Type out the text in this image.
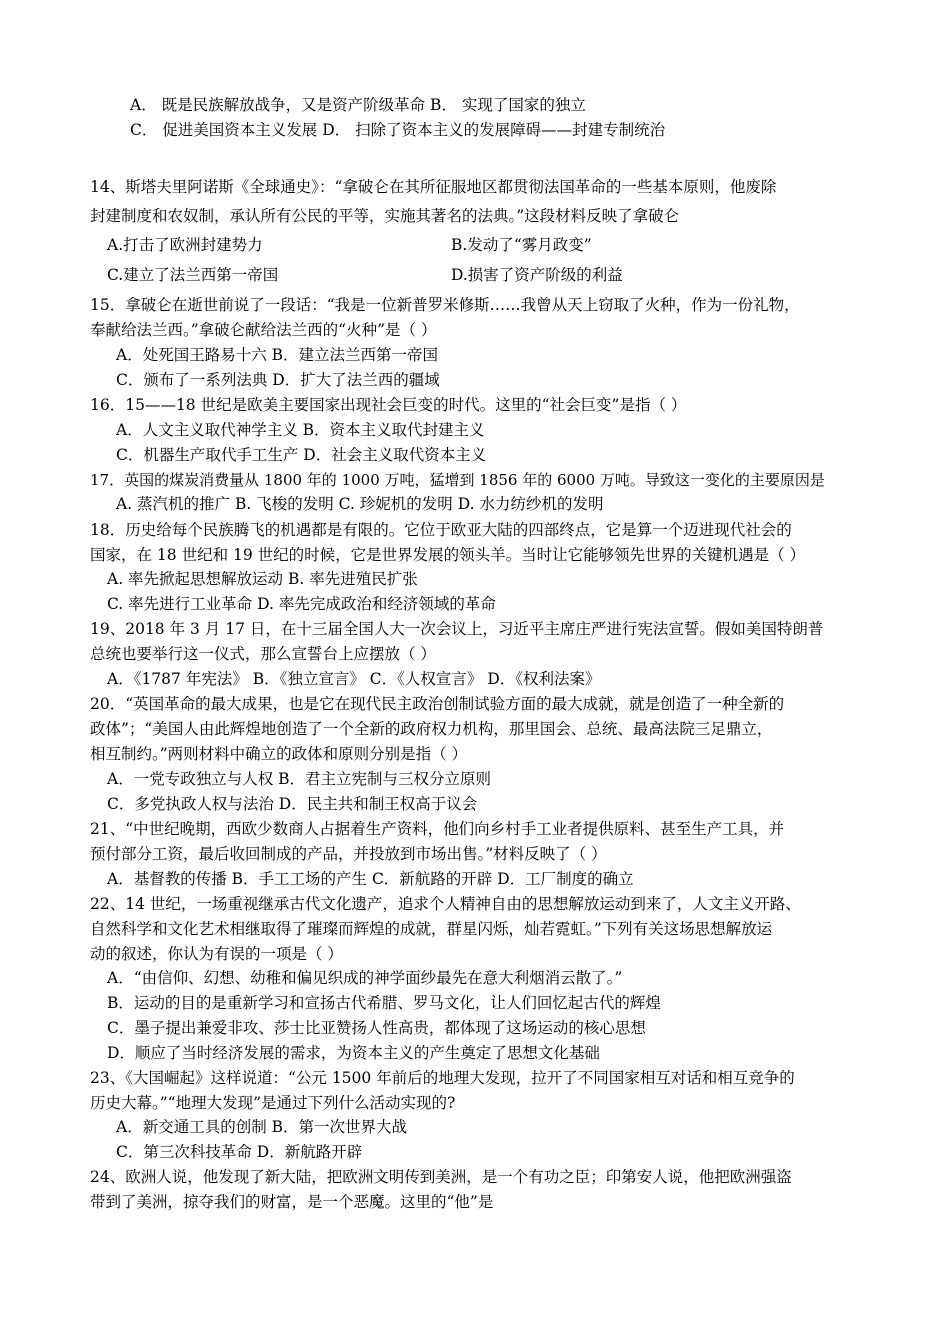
A． 既是民族解放战争，又是资产阶级革命 B． 实现了国家的独立
C． 促进美国资本主义发展 D． 扫除了资本主义的发展障碍——封建专制统治
14、斯塔夫里阿诺斯《全球通史》：“拿破仑在其所征服地区都贯彻法国革命的一些基本原则，他废除
封建制度和农奴制，承认所有公民的平等，实施其著名的法典。”这段材料反映了拿破仑
A.打击了欧洲封建势力	B.发动了“雾月政变”
C.建立了法兰西第一帝国	D.损害了资产阶级的利益
15．拿破仑在逝世前说了一段话：“我是一位新普罗米修斯……我曾从天上窃取了火种，作为一份礼物，
奉献给法兰西。”拿破仑献给法兰西的“火种”是（ ）
A．处死国王路易十六 B．建立法兰西第一帝国
C．颁布了一系列法典 D．扩大了法兰西的疆域
16．15——18 世纪是欧美主要国家出现社会巨变的时代。这里的“社会巨变”是指（ ）
A．人文主义取代神学主义 B．资本主义取代封建主义
C．机器生产取代手工生产 D．社会主义取代资本主义
17．英国的煤炭消费量从 1800 年的 1000 万吨，猛增到 1856 年的 6000 万吨。导致这一变化的主要原因是
A. 蒸汽机的推广 B. 飞梭的发明 C. 珍妮机的发明 D. 水力纺纱机的发明
18．历史给每个民族腾飞的机遇都是有限的。它位于欧亚大陆的四部终点，它是算一个迈进现代社会的
国家，在 18 世纪和 19 世纪的时候，它是世界发展的领头羊。当时让它能够领先世界的关键机遇是（ ）
A. 率先掀起思想解放运动 B. 率先进殖民扩张
C. 率先进行工业革命 D. 率先完成政治和经济领域的革命
19、2018 年 3 月 17 日，在十三届全国人大一次会议上，习近平主席庄严进行宪法宣誓。假如美国特朗普
总统也要举行这一仪式，那么宣誓台上应摆放（ ）
A．《1787 年宪法》 B．《独立宣言》 C．《人权宣言》 D．《权利法案》
20．“英国革命的最大成果，也是它在现代民主政治创制试验方面的最大成就，就是创造了一种全新的
政体”；“美国人由此辉煌地创造了一个全新的政府权力机构，那里国会、总统、最高法院三足鼎立，
相互制约。”两则材料中确立的政体和原则分别是指（ ）
A．一党专政独立与人权 B．君主立宪制与三权分立原则
C．多党执政人权与法治 D．民主共和制王权高于议会
21、“中世纪晚期，西欧少数商人占据着生产资料，他们向乡村手工业者提供原料、甚至生产工具，并
预付部分工资，最后收回制成的产品，并投放到市场出售。”材料反映了（ ）
A．基督教的传播 B．手工工场的产生 C．新航路的开辟 D．工厂制度的确立
22、14 世纪，一场重视继承古代文化遗产，追求个人精神自由的思想解放运动到来了，人文主义开路、
自然科学和文化艺术相继取得了璀璨而辉煌的成就，群星闪烁，灿若霓虹。”下列有关这场思想解放运
动的叙述，你认为有误的一项是（ ）
A．“由信仰、幻想、幼稚和偏见织成的神学面纱最先在意大利烟消云散了。”
B．运动的目的是重新学习和宣扬古代希腊、罗马文化，让人们回忆起古代的辉煌
C．墨子提出兼爱非攻、莎士比亚赞扬人性高贵，都体现了这场运动的核心思想
D．顺应了当时经济发展的需求，为资本主义的产生奠定了思想文化基础
23、《大国崛起》这样说道：“公元 1500 年前后的地理大发现，拉开了不同国家相互对话和相互竞争的
历史大幕。”“地理大发现”是通过下列什么活动实现的?
A．新交通工具的创制 B．第一次世界大战
C．第三次科技革命 D．新航路开辟
24、欧洲人说，他发现了新大陆，把欧洲文明传到美洲，是一个有功之臣；印第安人说，他把欧洲强盗
带到了美洲，掠夺我们的财富，是一个恶魔。这里的“他”是
